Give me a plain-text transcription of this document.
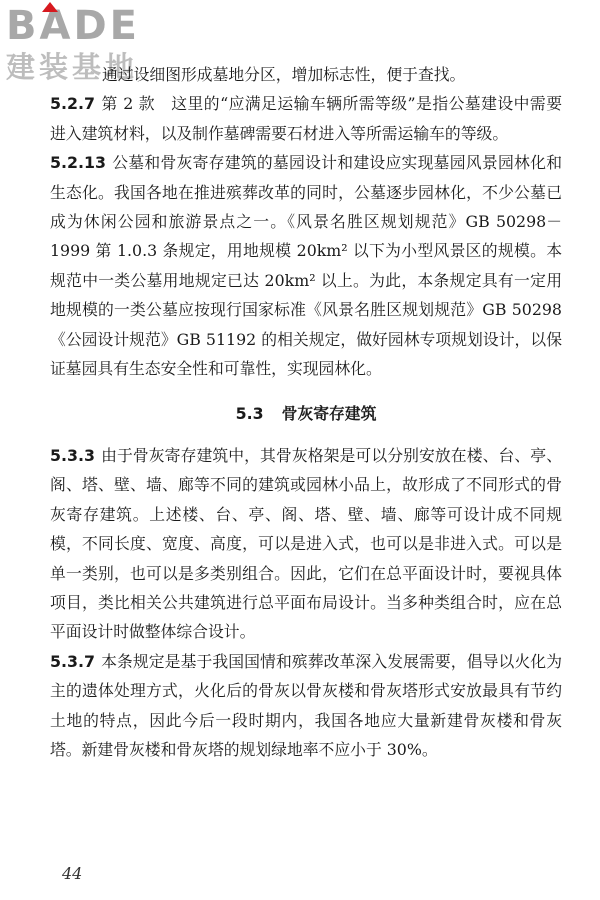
BADE
建装基地

通过设细图形成墓地分区，增加标志性，便于查找。

5.2.7 第 2 款　这里的“应满足运输车辆所需等级”是指公墓建设中需要进入建筑材料，以及制作墓碑需要石材进入等所需运输车的等级。

5.2.13 公墓和骨灰寄存建筑的墓园设计和建设应实现墓园风景园林化和生态化。我国各地在推进殡葬改革的同时，公墓逐步园林化，不少公墓已成为休闲公园和旅游景点之一。《风景名胜区规划规范》GB 50298－1999 第 1.0.3 条规定，用地规模 20km² 以下为小型风景区的规模。本规范中一类公墓用地规定已达 20km² 以上。为此，本条规定具有一定用地规模的一类公墓应按现行国家标准《风景名胜区规划规范》GB 50298《公园设计规范》GB 51192 的相关规定，做好园林专项规划设计，以保证墓园具有生态安全性和可靠性，实现园林化。

5.3 骨灰寄存建筑

5.3.3 由于骨灰寄存建筑中，其骨灰格架是可以分别安放在楼、台、亭、阁、塔、壁、墙、廊等不同的建筑或园林小品上，故形成了不同形式的骨灰寄存建筑。上述楼、台、亭、阁、塔、壁、墙、廊等可设计成不同规模，不同长度、宽度、高度，可以是进入式，也可以是非进入式。可以是单一类别，也可以是多类别组合。因此，它们在总平面设计时，要视具体项目，类比相关公共建筑进行总平面布局设计。当多种类组合时，应在总平面设计时做整体综合设计。

5.3.7 本条规定是基于我国国情和殡葬改革深入发展需要，倡导以火化为主的遗体处理方式，火化后的骨灰以骨灰楼和骨灰塔形式安放最具有节约土地的特点，因此今后一段时期内，我国各地应大量新建骨灰楼和骨灰塔。新建骨灰楼和骨灰塔的规划绿地率不应小于 30%。

44
